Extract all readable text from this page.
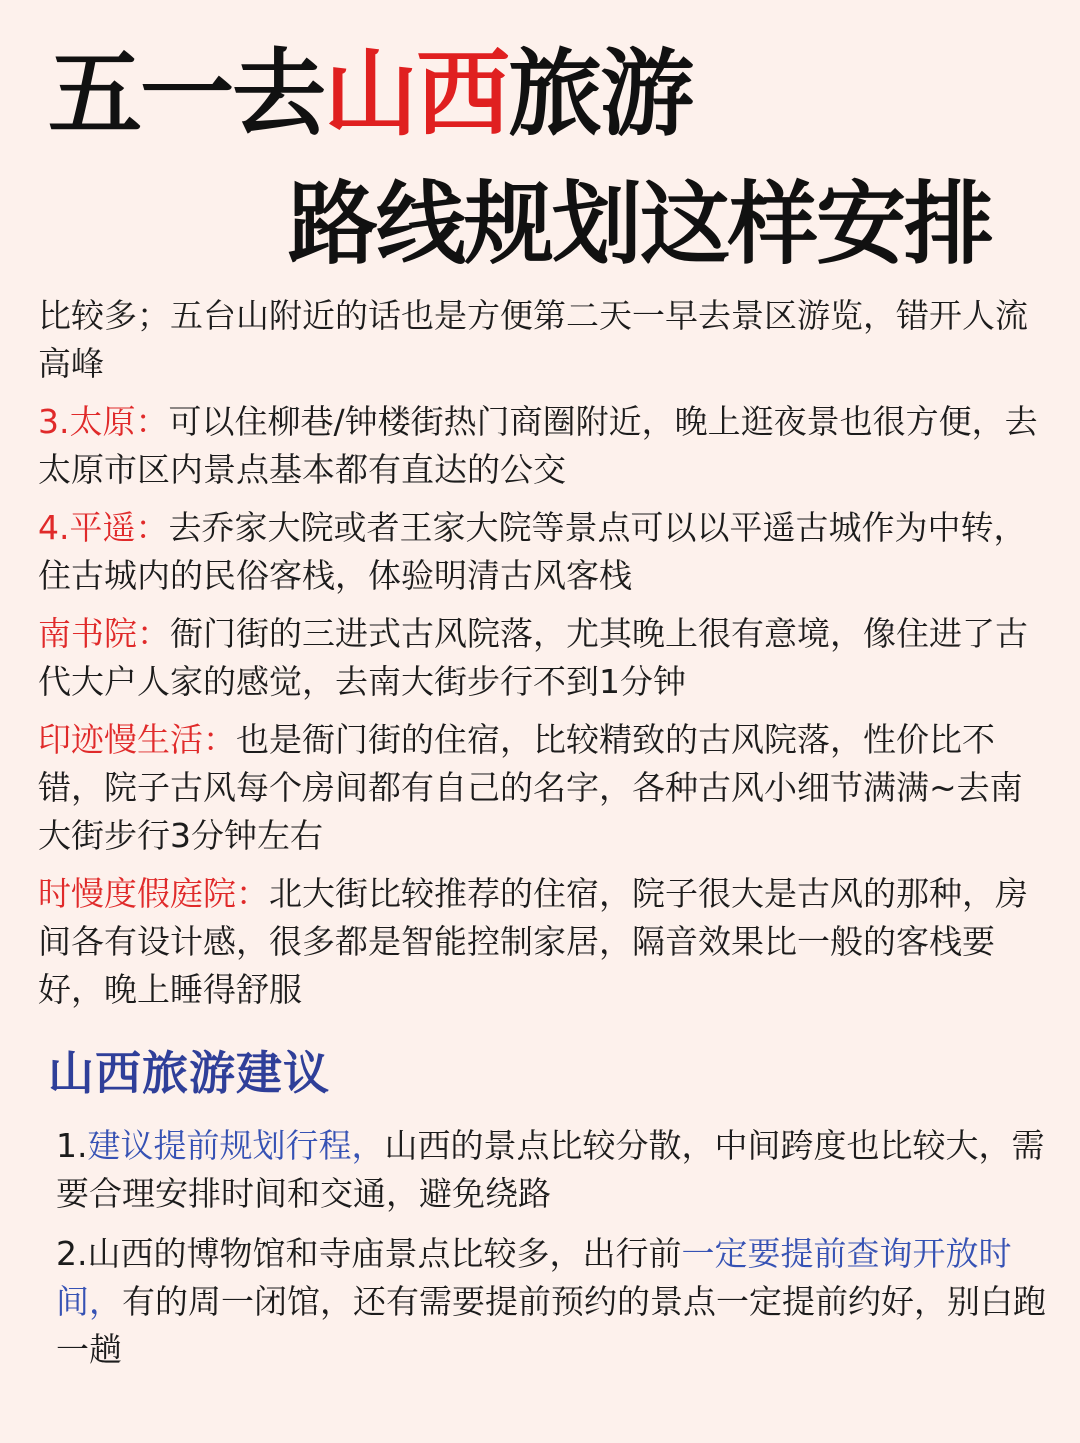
五一去山西旅游
路线规划这样安排

比较多；五台山附近的话也是方便第二天一早去景区游览，错开人流高峰

3.太原：可以住柳巷/钟楼街热门商圈附近，晚上逛夜景也很方便，去太原市区内景点基本都有直达的公交

4.平遥：去乔家大院或者王家大院等景点可以以平遥古城作为中转，住古城内的民俗客栈，体验明清古风客栈

南书院：衙门街的三进式古风院落，尤其晚上很有意境，像住进了古代大户人家的感觉，去南大街步行不到1分钟

印迹慢生活：也是衙门街的住宿，比较精致的古风院落，性价比不错，院子古风每个房间都有自己的名字，各种古风小细节满满~去南大街步行3分钟左右

时慢度假庭院：北大街比较推荐的住宿，院子很大是古风的那种，房间各有设计感，很多都是智能控制家居，隔音效果比一般的客栈要好，晚上睡得舒服

山西旅游建议

1.建议提前规划行程，山西的景点比较分散，中间跨度也比较大，需要合理安排时间和交通，避免绕路

2.山西的博物馆和寺庙景点比较多，出行前一定要提前查询开放时间，有的周一闭馆，还有需要提前预约的景点一定提前约好，别白跑一趟
